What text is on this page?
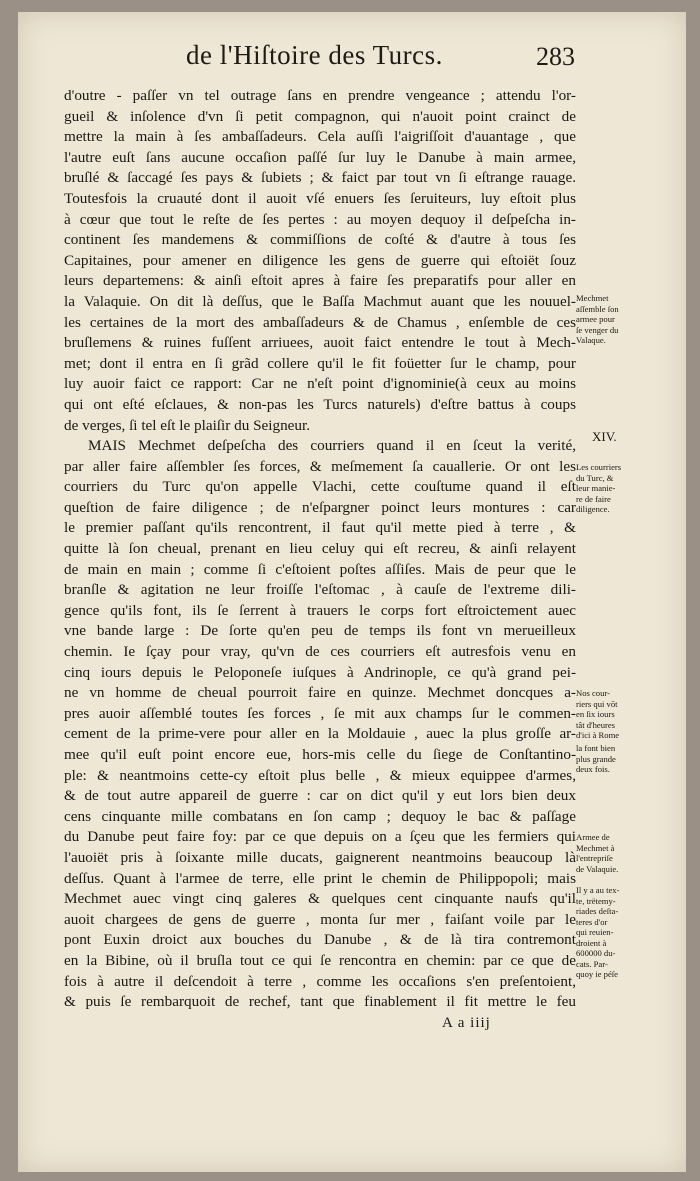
de l'Hiſtoire des Turcs.	283
d'outre - paſſer vn tel outrage ſans en prendre vengeance ; attendu l'or-
gueil & inſolence d'vn ſi petit compagnon, qui n'auoit point crainct de
mettre la main à ſes ambaſſadeurs. Cela auſſi l'aigriſſoit d'auantage , que
l'autre euſt ſans aucune occaſion paſſé ſur luy le Danube à main armee,
bruſlé & ſaccagé ſes pays & ſubiets ; & faict par tout vn ſi eſtrange rauage.
Toutesfois la cruauté dont il auoit vſé enuers ſes ſeruiteurs, luy eſtoit plus
à cœur que tout le reſte de ſes pertes : au moyen dequoy il deſpeſcha in-
continent ſes mandemens & commiſſions de coſté & d'autre à tous ſes
Capitaines, pour amener en diligence les gens de guerre qui eſtoiët ſouz
leurs departemens: & ainſi eſtoit apres à faire ſes preparatifs pour aller en
la Valaquie. On dit là deſſus, que le Baſſa Machmut auant que les nouuel-
les certaines de la mort des ambaſſadeurs & de Chamus , enſemble de ces
bruſlemens & ruines fuſſent arriuees, auoit faict entendre le tout à Mech-
met; dont il entra en ſi grãd collere qu'il le fit foüetter ſur le champ, pour
luy auoir faict ce rapport: Car ne n'eſt point d'ignominie(à ceux au moins
qui ont eſté eſclaues, & non-pas les Turcs naturels) d'eſtre battus à coups
de verges, ſi tel eſt le plaiſir du Seigneur.
MAIS Mechmet deſpeſcha des courriers quand il en ſceut la verité,
par aller faire aſſembler ſes forces, & meſmement ſa cauallerie. Or ont les
courriers du Turc qu'on appelle Vlachi, cette couſtume quand il eſt
queſtion de faire diligence ; de n'eſpargner poinct leurs montures : car
le premier paſſant qu'ils rencontrent, il faut qu'il mette pied à terre , &
quitte là ſon cheual, prenant en lieu celuy qui eſt recreu, & ainſi relayent
de main en main ; comme ſi c'eſtoient poſtes aſſiſes. Mais de peur que le
branſle & agitation ne leur froiſſe l'eſtomac , à cauſe de l'extreme dili-
gence qu'ils font, ils ſe ſerrent à trauers le corps fort eſtroictement auec
vne bande large : De ſorte qu'en peu de temps ils font vn merueilleux
chemin. Ie ſçay pour vray, qu'vn de ces courriers eſt autresfois venu en
cinq iours depuis le Peloponeſe iuſques à Andrinople, ce qu'à grand pei-
ne vn homme de cheual pourroit faire en quinze. Mechmet doncques a-
pres auoir aſſemblé toutes ſes forces , ſe mit aux champs ſur le commen-
cement de la prime-vere pour aller en la Moldauie , auec la plus groſſe ar-
mee qu'il euſt point encore eue, hors-mis celle du ſiege de Conſtantino-
ple: & neantmoins cette-cy eſtoit plus belle , & mieux equippee d'armes,
& de tout autre appareil de guerre : car on dict qu'il y eut lors bien deux
cens cinquante mille combatans en ſon camp ; dequoy le bac & paſſage
du Danube peut faire foy: par ce que depuis on a ſçeu que les fermiers qui
l'auoiët pris à ſoixante mille ducats, gaignerent neantmoins beaucoup là
deſſus. Quant à l'armee de terre, elle print le chemin de Philippopoli; mais
Mechmet auec vingt cinq galeres & quelques cent cinquante naufs qu'il
auoit chargees de gens de guerre , monta ſur mer , faiſant voile par le
pont Euxin droict aux bouches du Danube , & de là tira contremont
en la Bibine, où il bruſla tout ce qui ſe rencontra en chemin: par ce que de
fois à autre il deſcendoit à terre , comme les occaſions s'en preſentoient,
& puis ſe rembarquoit de rechef, tant que finablement il fit mettre le feu
XIV.
Mechmet
aſſemble ſon
armee pour
ſe venger du
Valaque.
Les courriers
du Turc, &
leur manie-
re de faire
diligence.
Nos cour-
riers qui vōt
en ſix iours
tât d'heures
d'ici à Rome
la font bien
plus grande
deux fois.
Armee de
Mechmet à
l'entrepriſe
de Valaquie.
Il y a au tex-
te, trëtemy-
riades deſta-
teres d'or
qui reuien-
droient à
600000 du-
cats. Par-
quoy ie péſe
A a iiij
